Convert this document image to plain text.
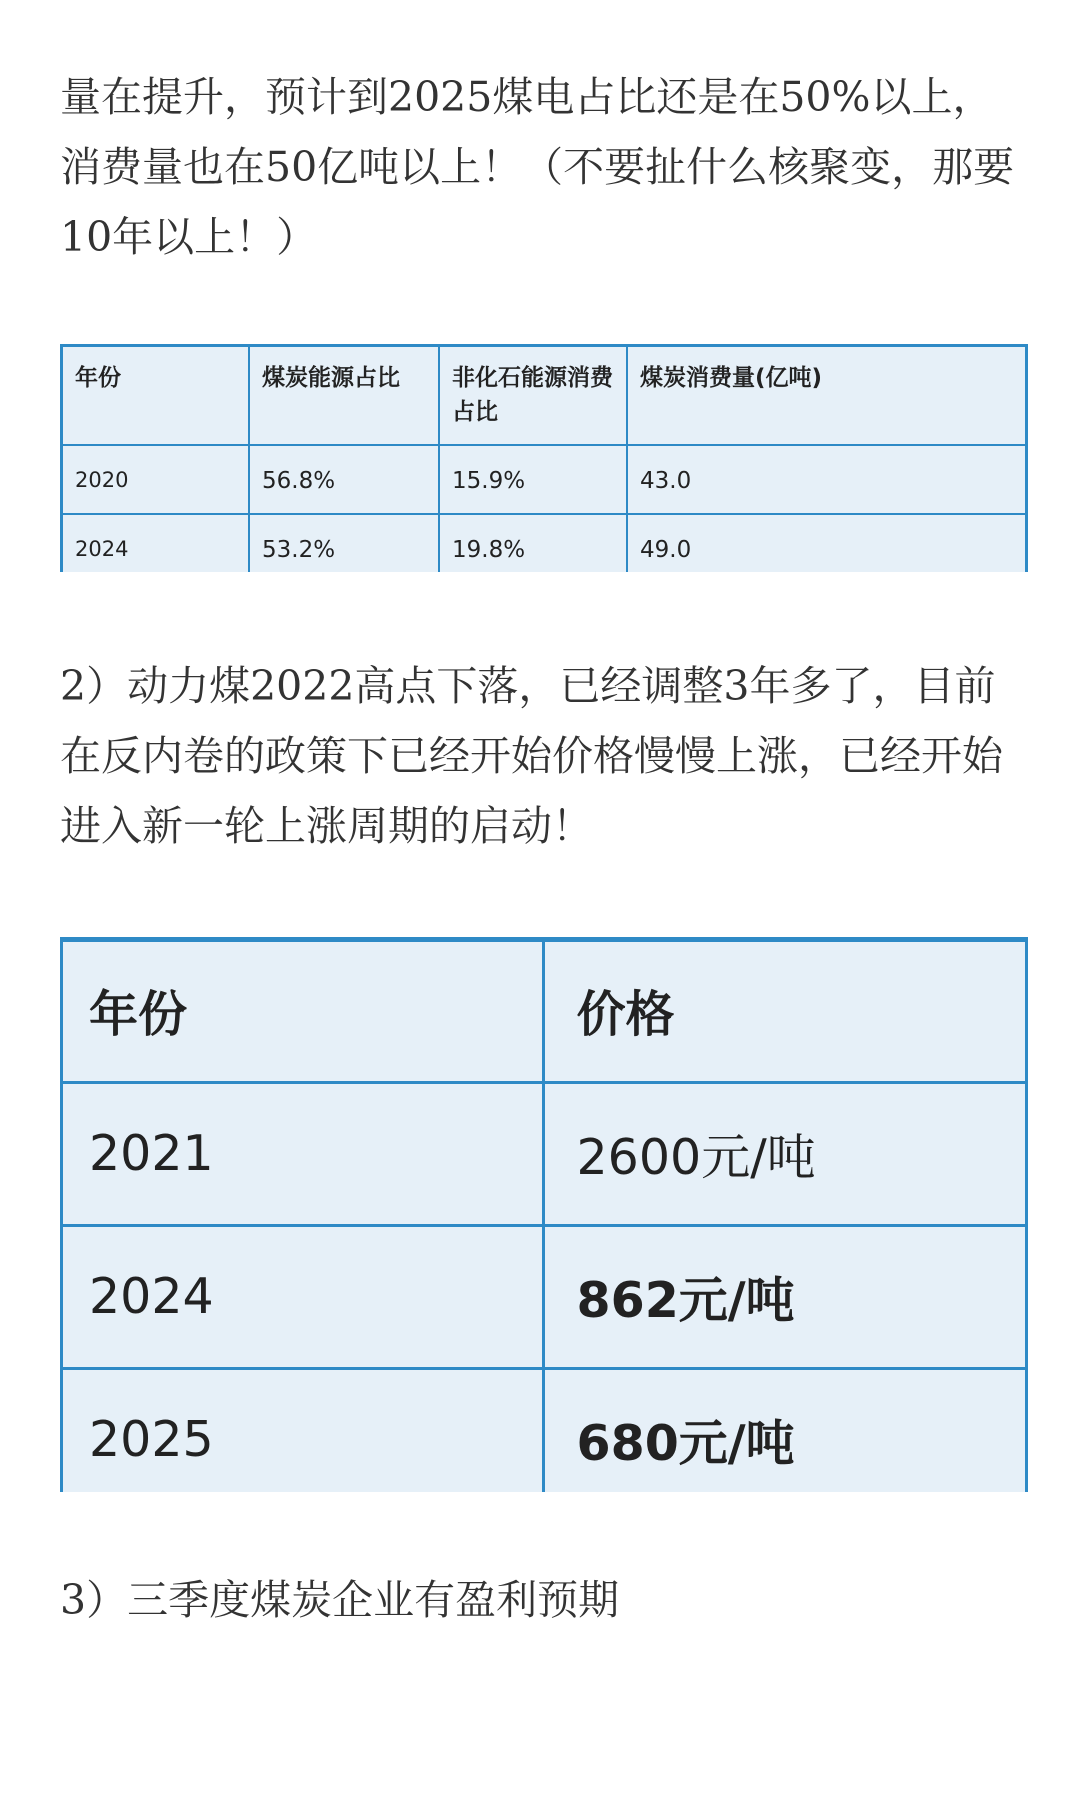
量在提升，预计到2025煤电占比还是在50%以上，消费量也在50亿吨以上！（不要扯什么核聚变，那要10年以上！）

年份	煤炭能源占比	非化石能源消费占比	煤炭消费量(亿吨)
2020	56.8%	15.9%	43.0
2024	53.2%	19.8%	49.0

2）动力煤2022高点下落，已经调整3年多了，目前在反内卷的政策下已经开始价格慢慢上涨，已经开始进入新一轮上涨周期的启动！

年份	价格
2021	2600元/吨
2024	862元/吨
2025	680元/吨

3）三季度煤炭企业有盈利预期
